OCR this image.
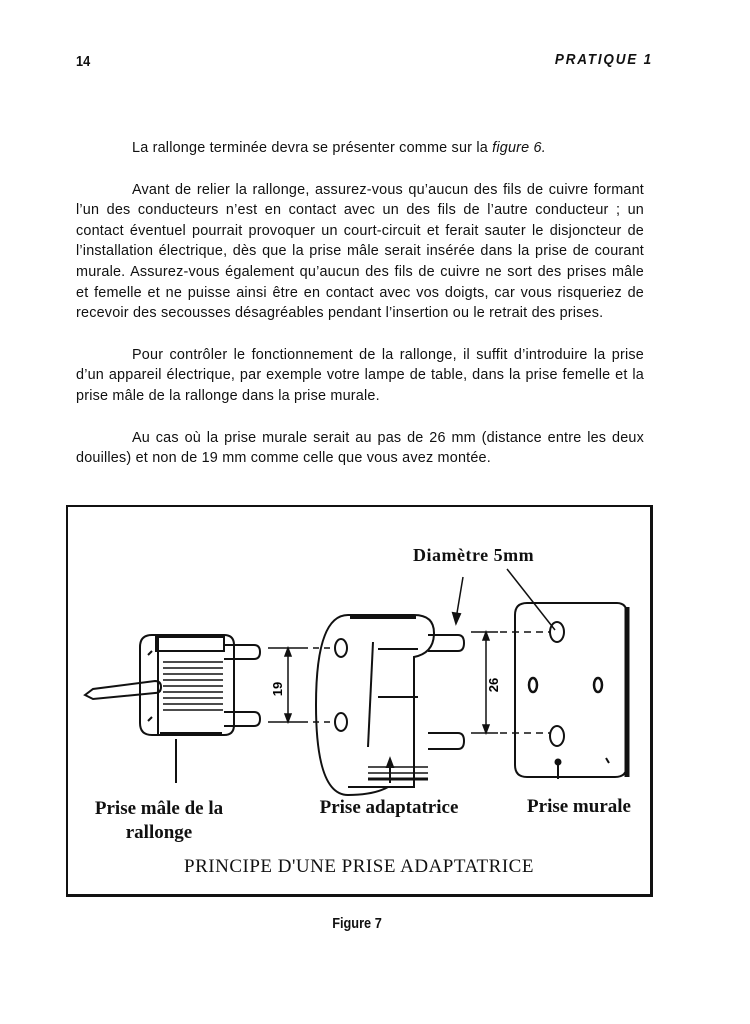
14	PRATIQUE 1

La rallonge terminée devra se présenter comme sur la figure 6.

Avant de relier la rallonge, assurez-vous qu’aucun des fils de cuivre formant l’un des conducteurs n’est en contact avec un des fils de l’autre conducteur ; un contact éventuel pourrait provoquer un court-circuit et ferait sauter le disjoncteur de l’installation électrique, dès que la prise mâle serait insérée dans la prise de courant murale. Assurez-vous également qu’aucun des fils de cuivre ne sort des prises mâle et femelle et ne puisse ainsi être en contact avec vos doigts, car vous risqueriez de recevoir des secousses désagréables pendant l’insertion ou le retrait des prises.

Pour contrôler le fonctionnement de la rallonge, il suffit d’introduire la prise d’un appareil électrique, par exemple votre lampe de table, dans la prise femelle et la prise mâle de la rallonge dans la prise murale.

Au cas où la prise murale serait au pas de 26 mm (distance entre les deux douilles) et non de 19 mm comme celle que vous avez montée.

19	26
Diamètre 5mm
Prise mâle de la rallonge
Prise adaptatrice	Prise murale
PRINCIPE D'UNE PRISE ADAPTATRICE
Figure 7
